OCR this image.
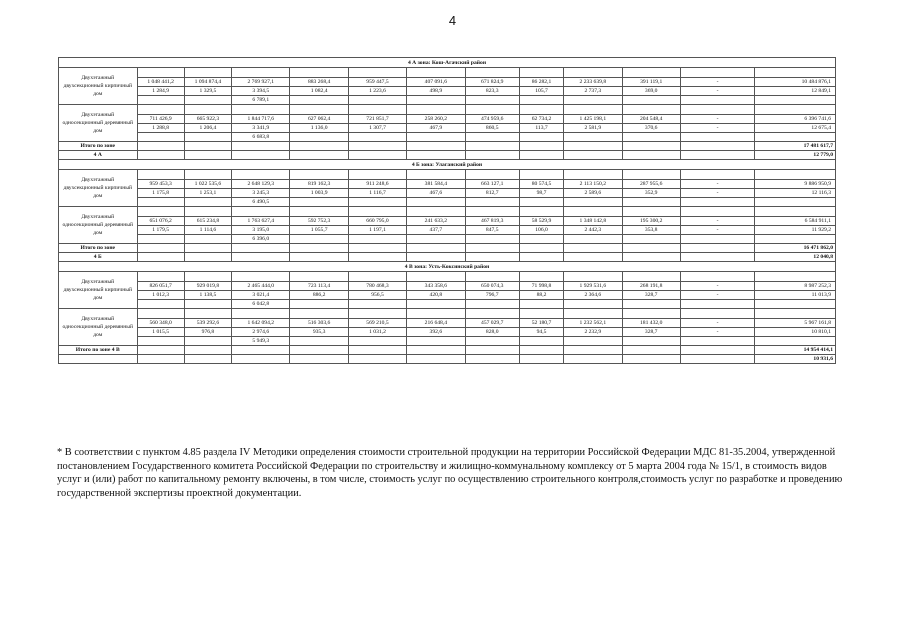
4
4 А зона: Кош-Агачский район												
Двухэтажный двухсекционный кирпичный дом												
	1 048 441,2	1 094 874,4	2 769 927,1	883 268,4	959 447,5	407 091,6	671 824,9	86 282,1	2 233 639,8	391 119,1	-	10 484 876,1
	1 284,9	1 329,5	3 394,5	1 082,4	1 223,6	498,9	823,3	105,7	2 737,3	369,0	-	12 849,1
			6 789,1									
Двухэтажный односекционный деревянный дом												
	711 426,9	665 922,3	1 844 717,6	627 062,4	721 851,7	258 260,2	474 959,6	62 734,2	1 425 198,1	204 548,4	-	6 396 741,6
	1 288,8	1 206,4	3 341,9	1 136,0	1 307,7	467,9	860,5	113,7	2 581,9	370,6	-	12 675,4
			6 683,8									
Итого по зоне												17 481 617,7
4 А												12 779,0
4 Б зона: Улаганский район												
Двухэтажный двухсекционный кирпичный дом												
	959 453,3	1 022 535,6	2 648 129,3	819 162,3	911 248,6	381 584,4	663 127,1	80 574,5	2 113 150,2	287 955,6	-	9 886 950,9
	1 175,8	1 253,1	3 245,3	1 003,9	1 116,7	467,6	812,7	98,7	2 589,6	352,9	-	12 116,3
			6 490,5									
Двухэтажный односекционный деревянный дом												
	651 076,2	615 234,8	1 763 627,4	592 752,3	660 795,0	241 633,2	467 819,3	58 529,9	1 348 142,8	195 300,2	-	6 584 911,1
	1 179,5	1 114,6	3 195,0	1 055,7	1 197,1	437,7	847,5	106,0	2 442,3	353,8	-	11 929,2
			6 396,0									
Итого по зоне												16 471 862,0
4 Б												12 040,8
4 В зона: Усть-Коксинский район												
Двухэтажный двухсекционный кирпичный дом												
	826 051,7	929 019,8	2 465 444,0	723 113,4	780 468,3	343 358,6	650 074,3	71 998,8	1 929 531,6	268 191,8	-	8 987 252,3
	1 012,3	1 138,5	3 021,4	886,2	956,5	420,8	796,7	88,2	2 364,6	328,7	-	11 013,9
			6 042,8									
Двухэтажный односекционный деревянный дом												
	560 348,0	539 292,6	1 642 094,2	516 303,6	569 210,5	216 648,4	457 029,7	52 180,7	1 232 562,1	181 432,0	-	5 967 161,8
	1 015,5	976,8	2 974,6	935,3	1 031,2	392,6	828,0	94,5	2 232,9	328,7	-	10 810,1
			5 949,3									
Итого по зоне 4 В												14 954 414,1
												10 931,6
* В соответствии с пунктом 4.85 раздела IV Методики определения стоимости строительной продукции на территории Российской Федерации МДС 81-35.2004, утвержденной постановлением Государственного комитета Российской Федерации по строительству и жилищно-коммунальному комплексу от 5 марта 2004 года № 15/1, в стоимость видов услуг и (или) работ по капитальному ремонту включены, в том числе, стоимость услуг по осуществлению строительного контроля,стоимость услуг по разработке и проведению государственной экспертизы проектной документации.
